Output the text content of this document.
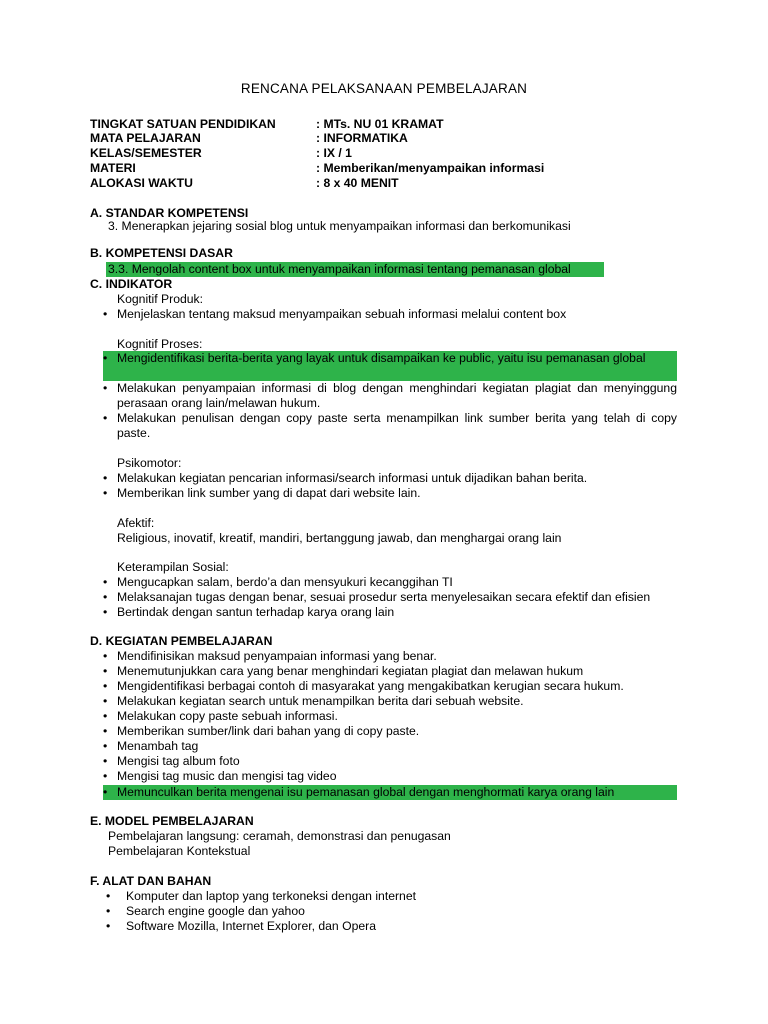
RENCANA PELAKSANAAN PEMBELAJARAN
TINGKAT SATUAN PENDIDIKAN	: MTs. NU 01 KRAMAT
MATA PELAJARAN	: INFORMATIKA
KELAS/SEMESTER	: IX / 1
MATERI	: Memberikan/menyampaikan informasi
ALOKASI WAKTU	: 8 x 40 MENIT
A. STANDAR KOMPETENSI
3. Menerapkan jejaring sosial blog untuk menyampaikan informasi dan berkomunikasi
B. KOMPETENSI DASAR
3.3. Mengolah content box untuk menyampaikan informasi tentang pemanasan global
C. INDIKATOR
Kognitif Produk:
• Menjelaskan tentang maksud menyampaikan sebuah informasi melalui content box
Kognitif Proses:
• Mengidentifikasi berita-berita yang layak untuk disampaikan ke public, yaitu isu pemanasan global
• Melakukan penyampaian informasi di blog dengan menghindari kegiatan plagiat dan menyinggung perasaan orang lain/melawan hukum.
• Melakukan penulisan dengan copy paste serta menampilkan link sumber berita yang telah di copy paste.
Psikomotor:
• Melakukan kegiatan pencarian informasi/search informasi untuk dijadikan bahan berita.
• Memberikan link sumber yang di dapat dari website lain.
Afektif:
Religious, inovatif, kreatif, mandiri, bertanggung jawab, dan menghargai orang lain
Keterampilan Sosial:
• Mengucapkan salam, berdo’a dan mensyukuri kecanggihan TI
• Melaksanajan tugas dengan benar, sesuai prosedur serta menyelesaikan secara efektif dan efisien
• Bertindak dengan santun terhadap karya orang lain
D. KEGIATAN PEMBELAJARAN
• Mendifinisikan maksud penyampaian informasi yang benar.
• Menemutunjukkan cara yang benar menghindari kegiatan plagiat dan melawan hukum
• Mengidentifikasi berbagai contoh di masyarakat yang mengakibatkan kerugian secara hukum.
• Melakukan kegiatan search untuk menampilkan berita dari sebuah website.
• Melakukan copy paste sebuah informasi.
• Memberikan sumber/link dari bahan yang di copy paste.
• Menambah tag
• Mengisi tag album foto
• Mengisi tag music dan mengisi tag video
• Memunculkan berita mengenai isu pemanasan global dengan menghormati karya orang lain
E. MODEL PEMBELAJARAN
Pembelajaran langsung: ceramah, demonstrasi dan penugasan
Pembelajaran Kontekstual
F. ALAT DAN BAHAN
• Komputer dan laptop yang terkoneksi dengan internet
• Search engine google dan yahoo
• Software Mozilla, Internet Explorer, dan Opera
